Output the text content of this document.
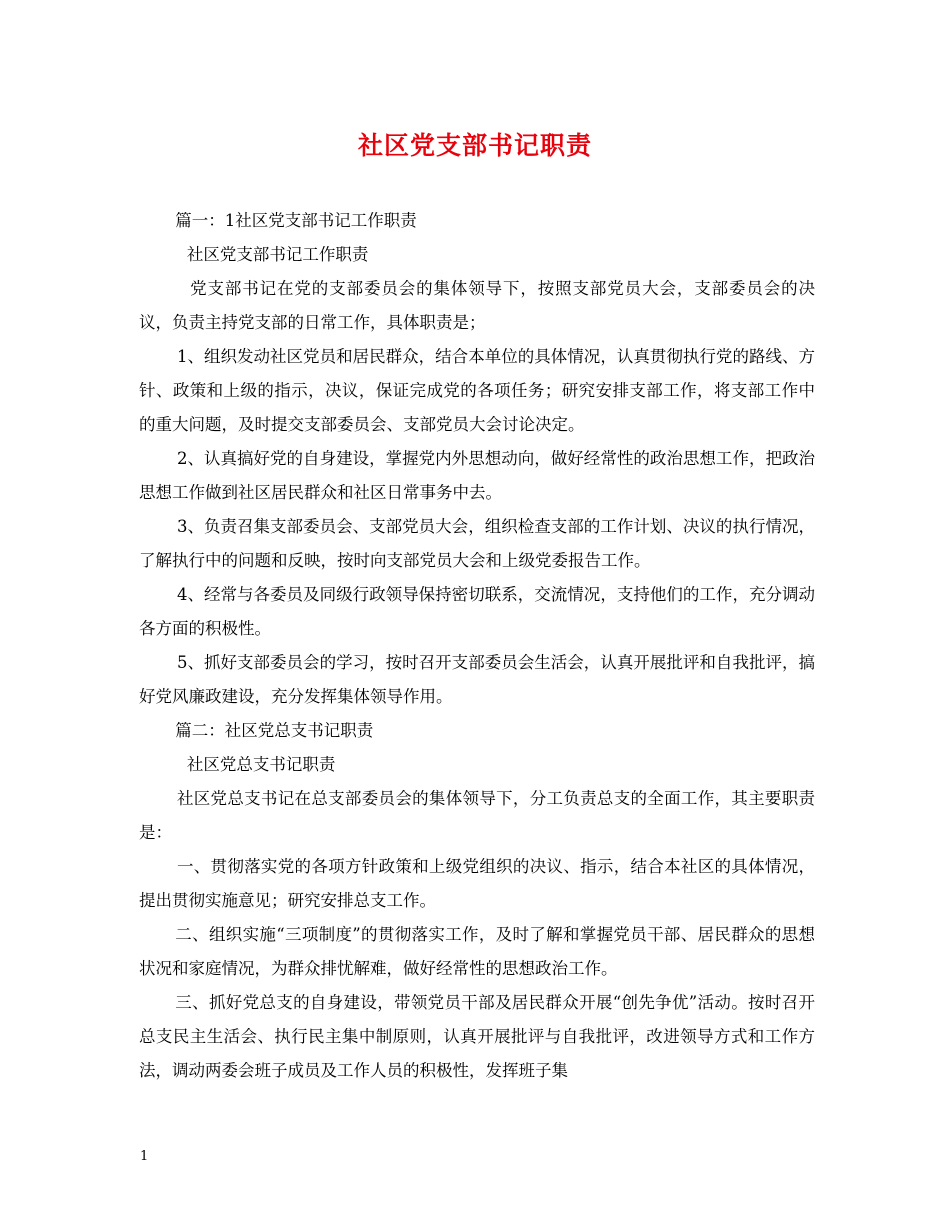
社区党支部书记职责

篇一：1社区党支部书记工作职责

社区党支部书记工作职责

党支部书记在党的支部委员会的集体领导下，按照支部党员大会，支部委员会的决议，负责主持党支部的日常工作，具体职责是；

1、组织发动社区党员和居民群众，结合本单位的具体情况，认真贯彻执行党的路线、方针、政策和上级的指示，决议，保证完成党的各项任务；研究安排支部工作，将支部工作中的重大问题，及时提交支部委员会、支部党员大会讨论决定。

2、认真搞好党的自身建设，掌握党内外思想动向，做好经常性的政治思想工作，把政治思想工作做到社区居民群众和社区日常事务中去。

3、负责召集支部委员会、支部党员大会，组织检查支部的工作计划、决议的执行情况，了解执行中的问题和反映，按时向支部党员大会和上级党委报告工作。

4、经常与各委员及同级行政领导保持密切联系，交流情况，支持他们的工作，充分调动各方面的积极性。

5、抓好支部委员会的学习，按时召开支部委员会生活会，认真开展批评和自我批评，搞好党风廉政建设，充分发挥集体领导作用。

篇二：社区党总支书记职责

社区党总支书记职责

社区党总支书记在总支部委员会的集体领导下，分工负责总支的全面工作，其主要职责是：

一、贯彻落实党的各项方针政策和上级党组织的决议、指示，结合本社区的具体情况，提出贯彻实施意见；研究安排总支工作。

二、组织实施“三项制度”的贯彻落实工作，及时了解和掌握党员干部、居民群众的思想状况和家庭情况，为群众排忧解难，做好经常性的思想政治工作。

三、抓好党总支的自身建设，带领党员干部及居民群众开展“创先争优”活动。按时召开总支民主生活会、执行民主集中制原则，认真开展批评与自我批评，改进领导方式和工作方法，调动两委会班子成员及工作人员的积极性，发挥班子集

1
